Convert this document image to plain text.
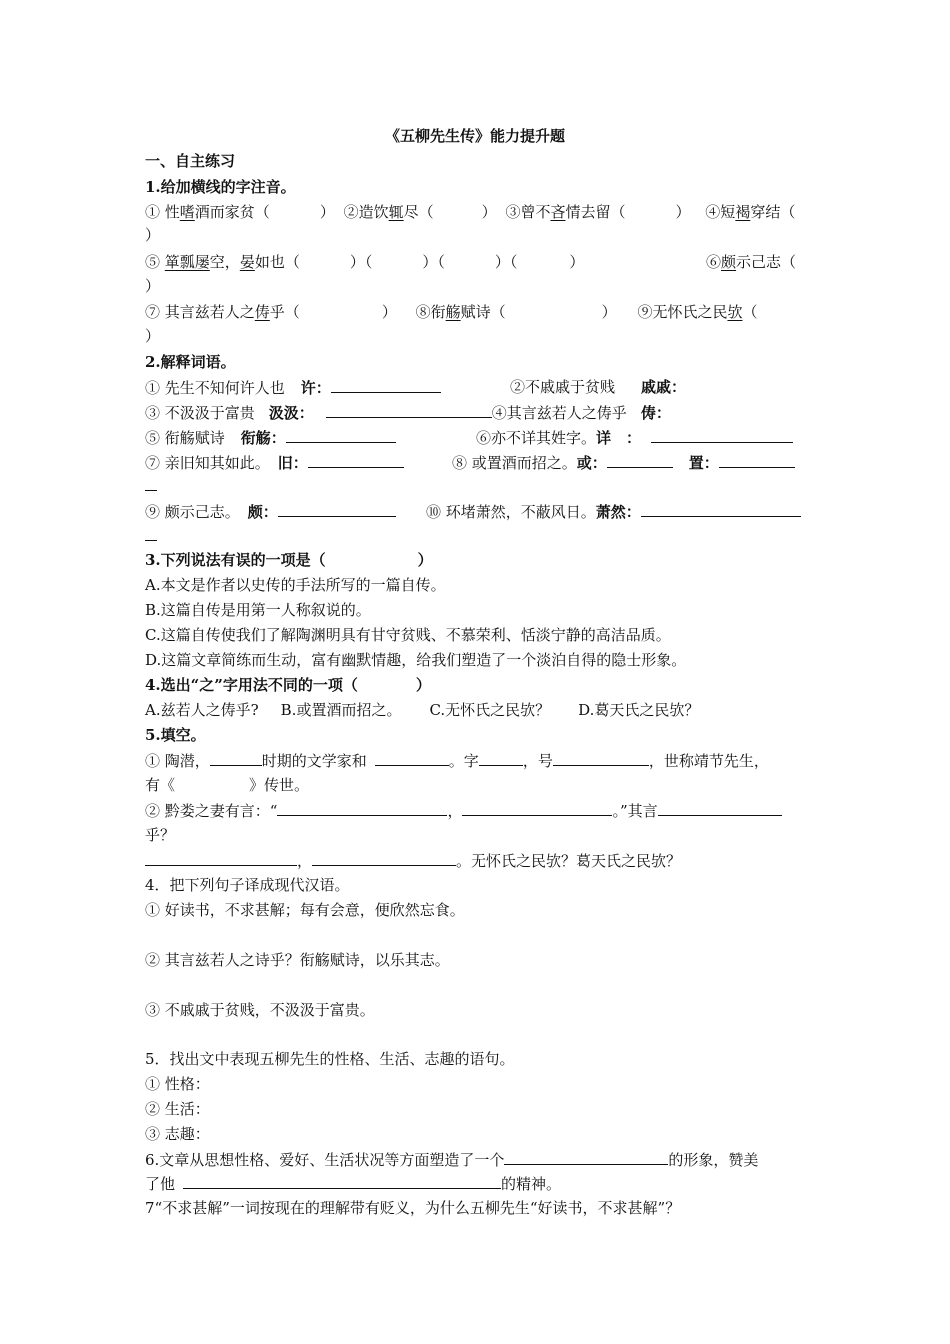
《五柳先生传》能力提升题
一、自主练习
1.给加横线的字注音。
① 性嗜酒而家贫（	） ②造饮辄尽（	） ③曾不吝情去留（	） ④短褐穿结（
）
⑤ 箪瓢屡空，晏如也（	）（	）（	）（	）	⑥颇示己志（
）
⑦ 其言兹若人之俦乎（	） ⑧衔觞赋诗（	） ⑨无怀氏之民欤（
）
2.解释词语。
① 先生不知何许人也 许：	②不戚戚于贫贱 戚戚：
③ 不汲汲于富贵 汲汲：	④其言兹若人之俦乎 俦：
⑤ 衔觞赋诗 衔觞：	⑥亦不详其姓字。详　：
⑦ 亲旧知其如此。 旧：	⑧ 或置酒而招之。或：	置：
⑨ 颇示己志。 颇：	⑩ 环堵萧然，不蔽风日。萧然：
3.下列说法有误的一项是（	）
A.本文是作者以史传的手法所写的一篇自传。
B.这篇自传是用第一人称叙说的。
C.这篇自传使我们了解陶渊明具有甘守贫贱、不慕荣利、恬淡宁静的高洁品质。
D.这篇文章简练而生动，富有幽默情趣，给我们塑造了一个淡泊自得的隐士形象。
4.选出“之”字用法不同的一项（	）
A.兹若人之俦乎? B.或置酒而招之。 C.无怀氏之民欤？ D.葛天氏之民欤？
5.填空。
① 陶潜，	时期的文学家和	。字	，号	，世称靖节先生，
有《	》传世。
② 黔娄之妻有言：“	，	。”其言
乎？
，	。无怀氏之民欤？葛天氏之民欤？
4．把下列句子译成现代汉语。
① 好读书，不求甚解；每有会意，便欣然忘食。
② 其言兹若人之诗乎？衔觞赋诗，以乐其志。
③ 不戚戚于贫贱，不汲汲于富贵。
5．找出文中表现五柳先生的性格、生活、志趣的语句。
① 性格：
② 生活：
③ 志趣：
6.文章从思想性格、爱好、生活状况等方面塑造了一个	的形象，赞美
了他	的精神。
7“不求甚解”一词按现在的理解带有贬义，为什么五柳先生“好读书，不求甚解”？
